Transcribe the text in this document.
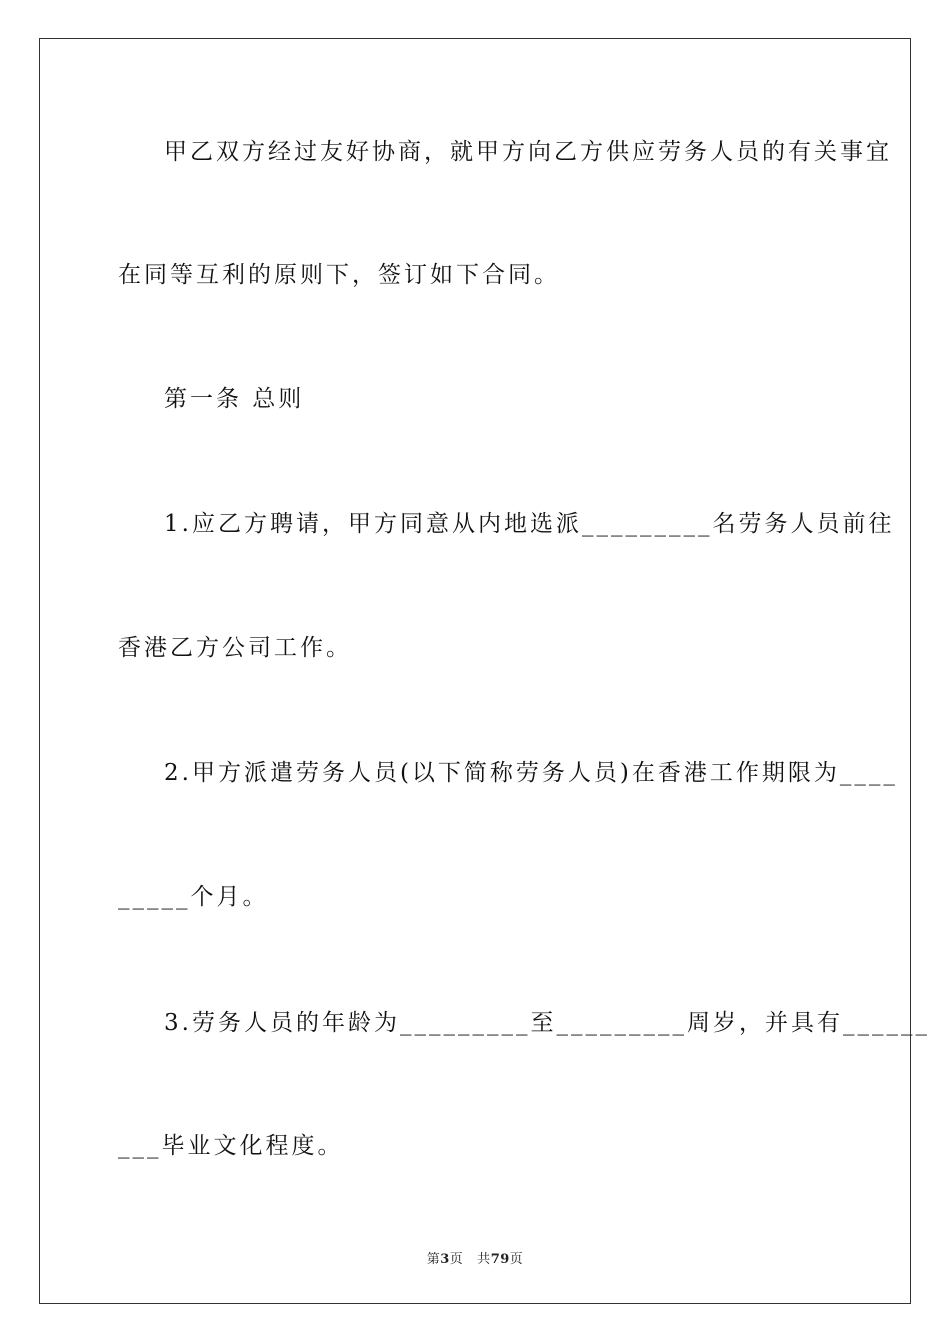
甲乙双方经过友好协商，就甲方向乙方供应劳务人员的有关事宜
在同等互利的原则下，签订如下合同。
第一条 总则
1.应乙方聘请，甲方同意从内地选派_________名劳务人员前往
香港乙方公司工作。
2.甲方派遣劳务人员(以下简称劳务人员)在香港工作期限为____
_____个月。
3.劳务人员的年龄为_________至_________周岁，并具有______
___毕业文化程度。
第3页 共79页
